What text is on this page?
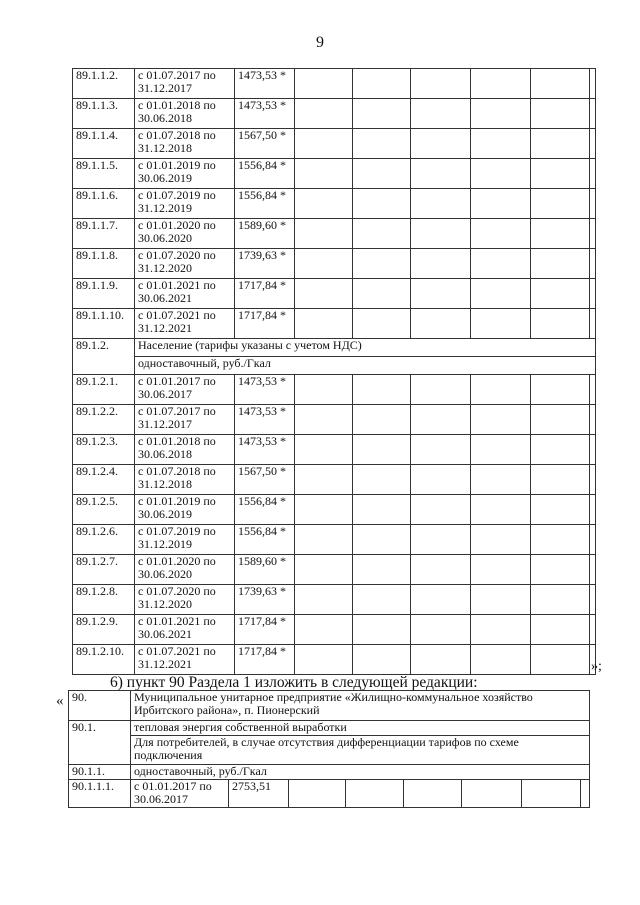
9
89.1.1.2.	с 01.07.2017 по 31.12.2017	1473,53 *						
89.1.1.3.	с 01.01.2018 по 30.06.2018	1473,53 *						
89.1.1.4.	с 01.07.2018 по 31.12.2018	1567,50 *						
89.1.1.5.	с 01.01.2019 по 30.06.2019	1556,84 *						
89.1.1.6.	с 01.07.2019 по 31.12.2019	1556,84 *						
89.1.1.7.	с 01.01.2020 по 30.06.2020	1589,60 *						
89.1.1.8.	с 01.07.2020 по 31.12.2020	1739,63 *						
89.1.1.9.	с 01.01.2021 по 30.06.2021	1717,84 *						
89.1.1.10.	с 01.07.2021 по 31.12.2021	1717,84 *						
89.1.2.	Население (тарифы указаны с учетом НДС)							
	одноставочный, руб./Гкал							
89.1.2.1.	с 01.01.2017 по 30.06.2017	1473,53 *						
89.1.2.2.	с 01.07.2017 по 31.12.2017	1473,53 *						
89.1.2.3.	с 01.01.2018 по 30.06.2018	1473,53 *						
89.1.2.4.	с 01.07.2018 по 31.12.2018	1567,50 *						
89.1.2.5.	с 01.01.2019 по 30.06.2019	1556,84 *						
89.1.2.6.	с 01.07.2019 по 31.12.2019	1556,84 *						
89.1.2.7.	с 01.01.2020 по 30.06.2020	1589,60 *						
89.1.2.8.	с 01.07.2020 по 31.12.2020	1739,63 *						
89.1.2.9.	с 01.01.2021 по 30.06.2021	1717,84 *						
89.1.2.10.	с 01.07.2021 по 31.12.2021	1717,84 *						
»;
6) пункт 90 Раздела 1 изложить в следующей редакции:
« 90.	Муниципальное унитарное предприятие «Жилищно-коммунальное хозяйство Ирбитского района», п. Пионерский							
90.1.	тепловая энергия собственной выработки							
	Для потребителей, в случае отсутствия дифференциации тарифов по схеме подключения							
90.1.1.	одноставочный, руб./Гкал							
90.1.1.1.	с 01.01.2017 по 30.06.2017	2753,51						
